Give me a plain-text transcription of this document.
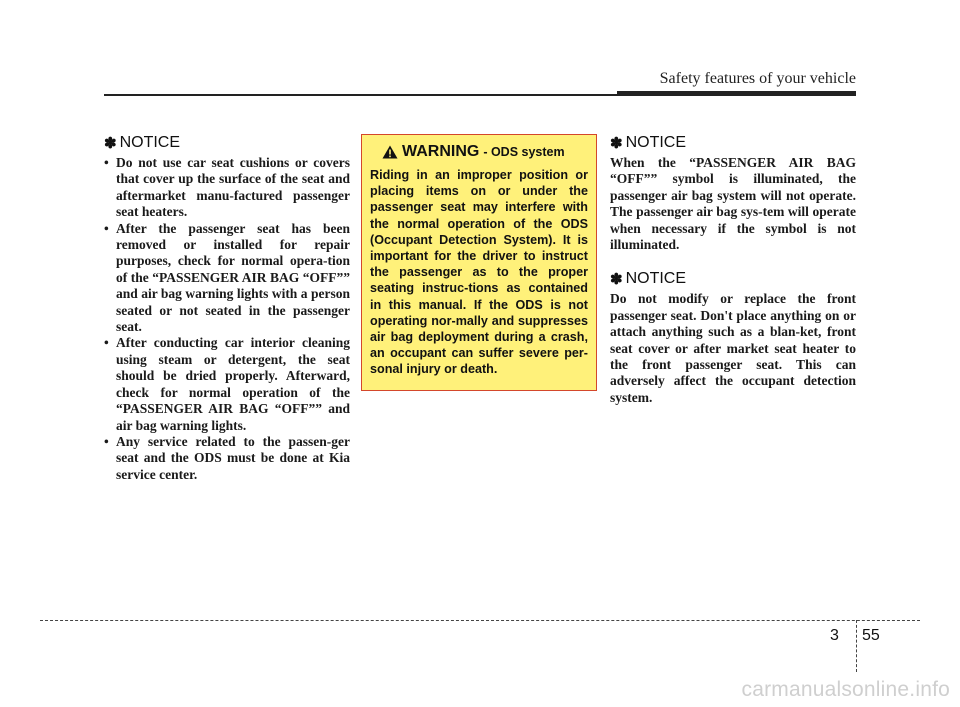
Safety features of your vehicle
✽ NOTICE
• Do not use car seat cushions or covers that cover up the surface of the seat and aftermarket manu-factured passenger seat heaters.
• After the passenger seat has been removed or installed for repair purposes, check for normal opera-tion of the “PASSENGER AIR BAG “OFF”” and air bag warning lights with a person seated or not seated in the passenger seat.
• After conducting car interior cleaning using steam or detergent, the seat should be dried properly. Afterward, check for normal operation of the “PASSENGER AIR BAG “OFF”” and air bag warning lights.
• Any service related to the passen-ger seat and the ODS must be done at Kia service center.
WARNING - ODS system

Riding in an improper position or placing items on or under the passenger seat may interfere with the normal operation of the ODS (Occupant Detection System). It is important for the driver to instruct the passenger as to the proper seating instruc-tions as contained in this manual. If the ODS is not operating nor-mally and suppresses air bag deployment during a crash, an occupant can suffer severe per-sonal injury or death.

✽ NOTICE

When the “PASSENGER AIR BAG “OFF”” symbol is illuminated, the passenger air bag system will not operate. The passenger air bag sys-tem will operate when necessary if the symbol is not illuminated.

✽ NOTICE

Do not modify or replace the front passenger seat. Don't place anything on or attach anything such as a blan-ket, front seat cover or after market seat heater to the front passenger seat. This can adversely affect the occupant detection system.

3 55
carmanualsonline.info
